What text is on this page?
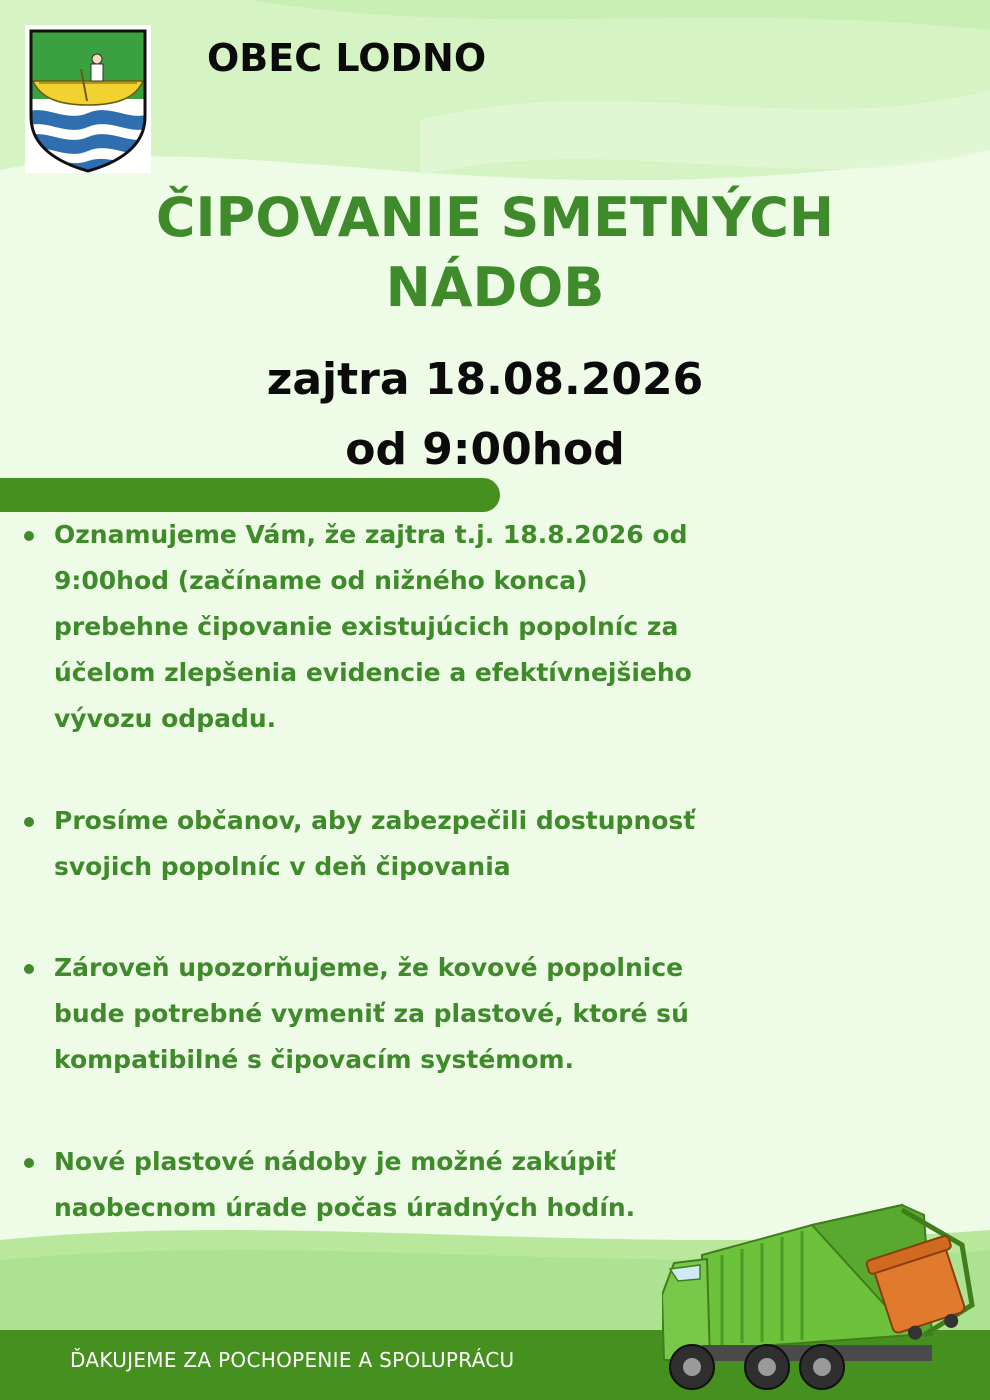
OBEC LODNO
ČIPOVANIE SMETNÝCH
NÁDOB
zajtra 18.08.2026
od 9:00hod
Oznamujeme Vám, že zajtra t.j. 18.8.2026 od
9:00hod (začíname od nižného konca)
prebehne čipovanie existujúcich popolníc za
účelom zlepšenia evidencie a efektívnejšieho
vývozu odpadu.
Prosíme občanov, aby zabezpečili dostupnosť
svojich popolníc v deň čipovania
Zároveň upozorňujeme, že kovové popolnice
bude potrebné vymeniť za plastové, ktoré sú
kompatibilné s čipovacím systémom.
Nové plastové nádoby je možné zakúpiť
naobecnom úrade počas úradných hodín.
ĎAKUJEME ZA POCHOPENIE A SPOLUPRÁCU
